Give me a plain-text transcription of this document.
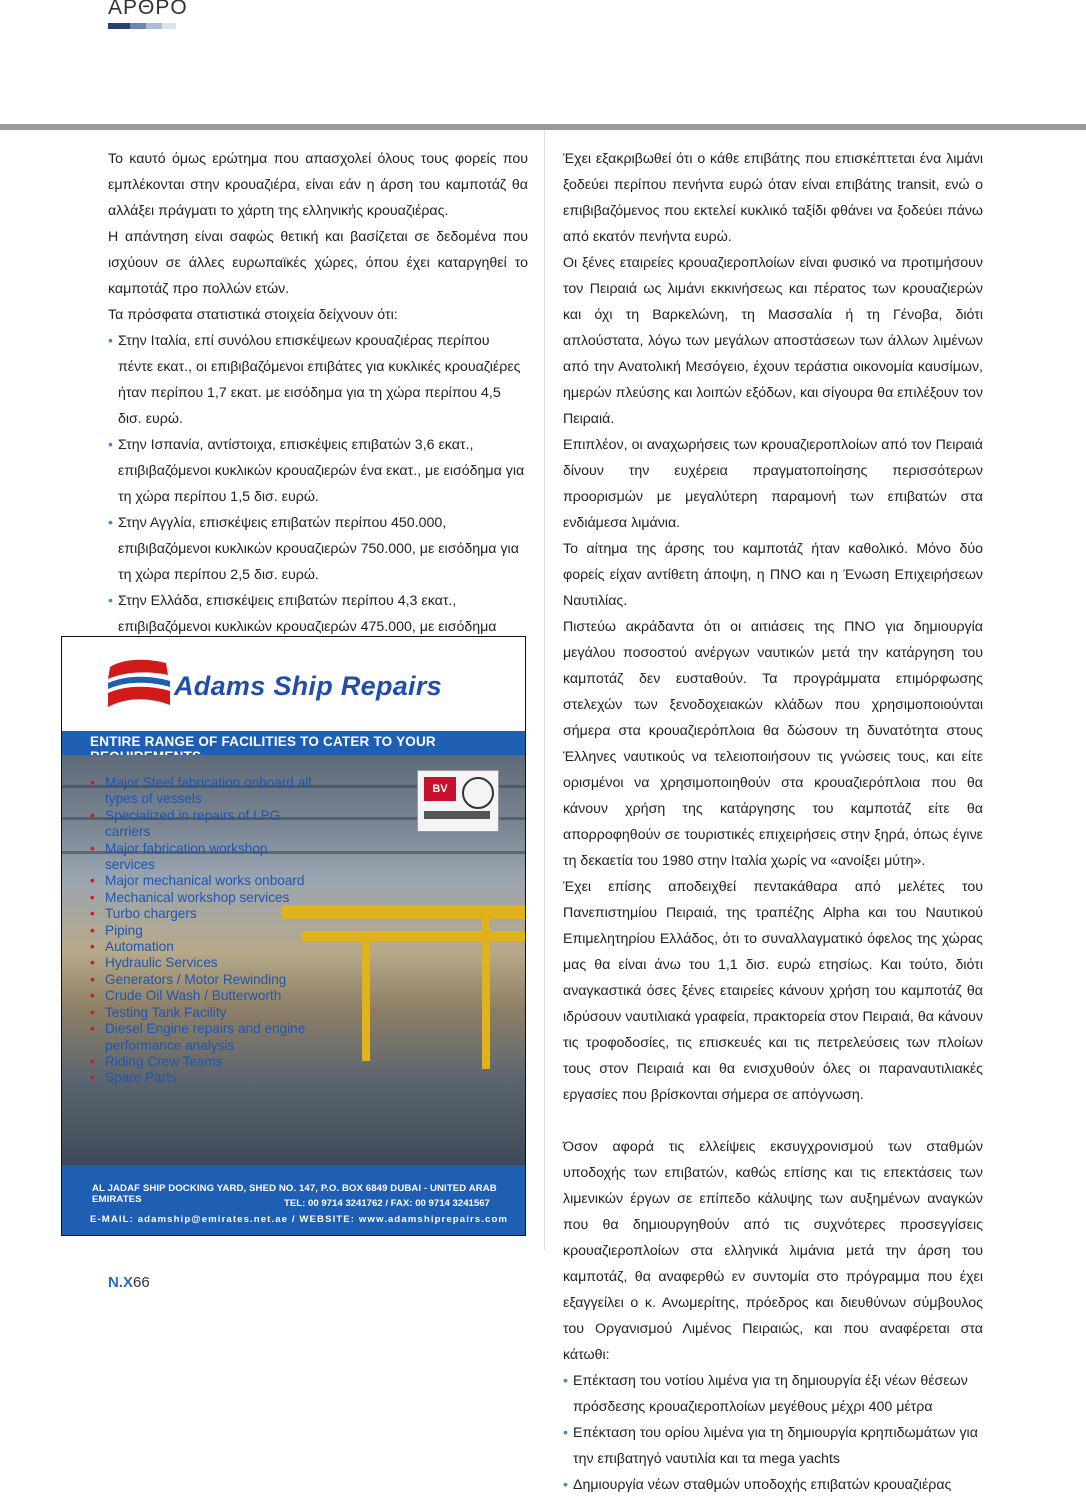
ΑΡΘΡΟ

Το καυτό όμως ερώτημα που απασχολεί όλους τους φορείς που εμπλέκονται στην κρουαζιέρα, είναι εάν η άρση του καμποτάζ θα αλλάξει πράγματι το χάρτη της ελληνικής κρουαζιέρας.

Η απάντηση είναι σαφώς θετική και βασίζεται σε δεδομένα που ισχύουν σε άλλες ευρωπαϊκές χώρες, όπου έχει καταργηθεί το καμποτάζ προ πολλών ετών.

Τα πρόσφατα στατιστικά στοιχεία δείχνουν ότι:

• Στην Ιταλία, επί συνόλου επισκέψεων κρουαζιέρας περίπου πέντε εκατ., οι επιβιβαζόμενοι επιβάτες για κυκλικές κρουαζιέρες ήταν περίπου 1,7 εκατ. με εισόδημα για τη χώρα περίπου 4,5 δισ. ευρώ.
• Στην Ισπανία, αντίστοιχα, επισκέψεις επιβατών 3,6 εκατ., επιβιβαζόμενοι κυκλικών κρουαζιερών ένα εκατ., με εισόδημα για τη χώρα περίπου 1,5 δισ. ευρώ.
• Στην Αγγλία, επισκέψεις επιβατών περίπου 450.000, επιβιβαζόμενοι κυκλικών κρουαζιερών 750.000, με εισόδημα για τη χώρα περίπου 2,5 δισ. ευρώ.
• Στην Ελλάδα, επισκέψεις επιβατών περίπου 4,3 εκατ., επιβιβαζόμενοι κυκλικών κρουαζιερών 475.000, με εισόδημα

Έχει εξακριβωθεί ότι ο κάθε επιβάτης που επισκέπτεται ένα λιμάνι ξοδεύει περίπου πενήντα ευρώ όταν είναι επιβάτης transit, ενώ ο επιβιβαζόμενος που εκτελεί κυκλικό ταξίδι φθάνει να ξοδεύει πάνω από εκατόν πενήντα ευρώ.

Οι ξένες εταιρείες κρουαζιεροπλοίων είναι φυσικό να προτιμήσουν τον Πειραιά ως λιμάνι εκκινήσεως και πέρατος των κρουαζιερών και όχι τη Βαρκελώνη, τη Μασσαλία ή τη Γένοβα, διότι απλούστατα, λόγω των μεγάλων αποστάσεων των άλλων λιμένων από την Ανατολική Μεσόγειο, έχουν τεράστια οικονομία καυσίμων, ημερών πλεύσης και λοιπών εξόδων, και σίγουρα θα επιλέξουν τον Πειραιά.

Επιπλέον, οι αναχωρήσεις των κρουαζιεροπλοίων από τον Πειραιά δίνουν την ευχέρεια πραγματοποίησης περισσότερων προορισμών με μεγαλύτερη παραμονή των επιβατών στα ενδιάμεσα λιμάνια.

Το αίτημα της άρσης του καμποτάζ ήταν καθολικό. Μόνο δύο φορείς είχαν αντίθετη άποψη, η ΠΝΟ και η Ένωση Επιχειρήσεων Ναυτιλίας.

Πιστεύω ακράδαντα ότι οι αιτιάσεις της ΠΝΟ για δημιουργία μεγάλου ποσοστού ανέργων ναυτικών μετά την κατάργηση του καμποτάζ δεν ευσταθούν. Τα προγράμματα επιμόρφωσης στελεχών των ξενοδοχειακών κλάδων που χρησιμοποιούνται σήμερα στα κρουαζιερόπλοια θα δώσουν τη δυνατότητα στους Έλληνες ναυτικούς να τελειοποιήσουν τις γνώσεις τους, και είτε ορισμένοι να χρησιμοποιηθούν στα κρουαζιερόπλοια που θα κάνουν χρήση της κατάργησης του καμποτάζ είτε θα απορροφηθούν σε τουριστικές επιχειρήσεις στην ξηρά, όπως έγινε τη δεκαετία του 1980 στην Ιταλία χωρίς να «ανοίξει μύτη».

Έχει επίσης αποδειχθεί πεντακάθαρα από μελέτες του Πανεπιστημίου Πειραιά, της τραπέζης Alpha και του Ναυτικού Επιμελητηρίου Ελλάδος, ότι το συναλλαγματικό όφελος της χώρας μας θα είναι άνω του 1,1 δισ. ευρώ ετησίως. Και τούτο, διότι αναγκαστικά όσες ξένες εταιρείες κάνουν χρήση του καμποτάζ θα ιδρύσουν ναυτιλιακά γραφεία, πρακτορεία στον Πειραιά, θα κάνουν τις τροφοδοσίες, τις επισκευές και τις πετρελεύσεις των πλοίων τους στον Πειραιά και θα ενισχυθούν όλες οι παραναυτιλιακές εργασίες που βρίσκονται σήμερα σε απόγνωση.

Όσον αφορά τις ελλείψεις εκσυγχρονισμού των σταθμών υποδοχής των επιβατών, καθώς επίσης και τις επεκτάσεις των λιμενικών έργων σε επίπεδο κάλυψης των αυξημένων αναγκών που θα δημιουργηθούν από τις συχνότερες προσεγγίσεις κρουαζιεροπλοίων στα ελληνικά λιμάνια μετά την άρση του καμποτάζ, θα αναφερθώ εν συντομία στο πρόγραμμα που έχει εξαγγείλει ο κ. Ανωμερίτης, πρόεδρος και διευθύνων σύμβουλος του Οργανισμού Λιμένος Πειραιώς, και που αναφέρεται στα κάτωθι:

• Επέκταση του νοτίου λιμένα για τη δημιουργία έξι νέων θέσεων πρόσδεσης κρουαζιεροπλοίων μεγέθους μέχρι 400 μέτρα
• Επέκταση του ορίου λιμένα για τη δημιουργία κρηπιδωμάτων για την επιβατηγό ναυτιλία και τα mega yachts
• Δημιουργία νέων σταθμών υποδοχής επιβατών κρουαζιέρας
Adams Ship Repairs
ENTIRE RANGE OF FACILITIES TO CATER TO YOUR
BV
• Major Steel fabrication onboard all types of vessels
• Specialized in repairs of LPG carriers
• Major fabrication workshop services
• Major mechanical works onboard
• Mechanical workshop services
• Turbo chargers
• Piping
• Automation
• Hydraulic Services
• Generators / Motor Rewinding
• Crude Oil Wash / Butterworth
• Testing Tank Facility
• Diesel Engine repairs and engine performance analysis
• Riding Crew Teams
• Spare Parts
AL JADAF SHIP DOCKING YARD, SHED NO. 147, P.O. BOX 6849 DUBAI - UNITED ARAB EMIRATES	TEL: 00 9714 3241762 / FAX: 00 9714 3241567
E-MAIL: adamship@emirates.net.ae / WEBSITE: www.adamshiprepairs.com
Ν.Χ66
